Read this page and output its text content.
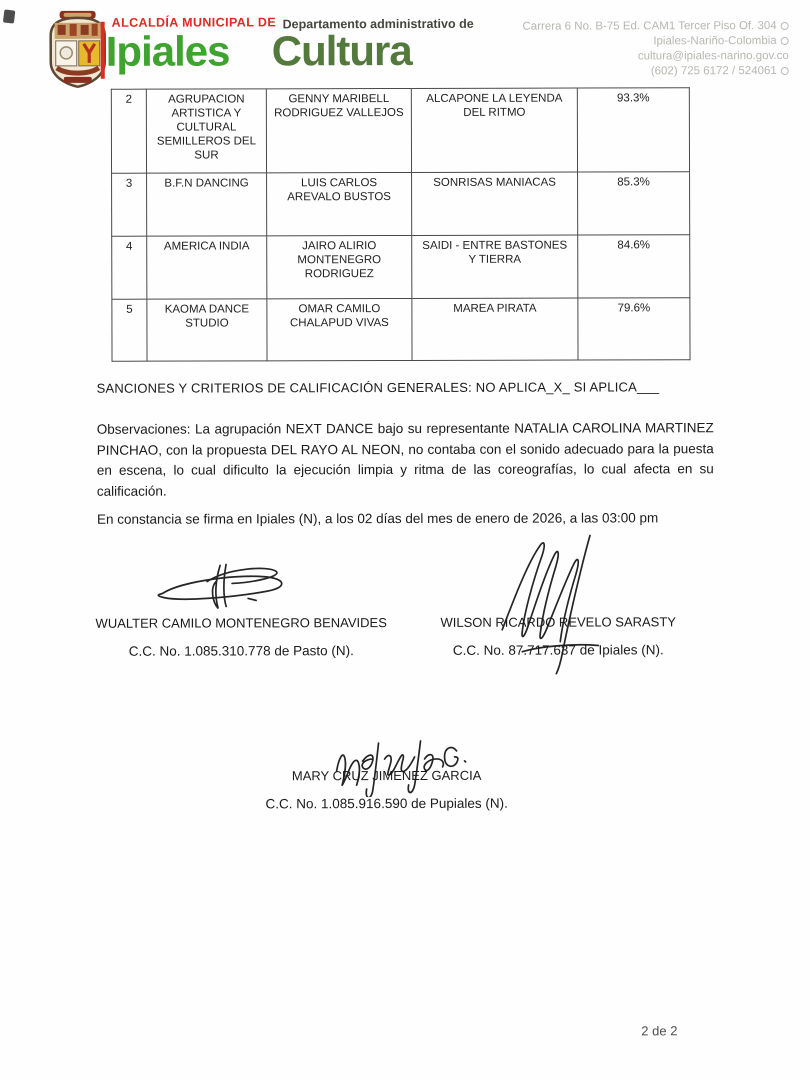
ALCALDÍA MUNICIPAL DE
Ipiales
Departamento administrativo de
Cultura
Carrera 6 No. B-75 Ed. CAM1 Tercer Piso Of. 304
Ipiales-Nariño-Colombia
cultura@ipiales-narino.gov.co
(602) 725 6172 / 524061
2	AGRUPACION ARTISTICA Y CULTURAL SEMILLEROS DEL SUR	GENNY MARIBELL RODRIGUEZ VALLEJOS	ALCAPONE LA LEYENDA DEL RITMO	93.3%
3	B.F.N DANCING	LUIS CARLOS AREVALO BUSTOS	SONRISAS MANIACAS	85.3%
4	AMERICA INDIA	JAIRO ALIRIO MONTENEGRO RODRIGUEZ	SAIDI - ENTRE BASTONES Y TIERRA	84.6%
5	KAOMA DANCE STUDIO	OMAR CAMILO CHALAPUD VIVAS	MAREA PIRATA	79.6%
SANCIONES Y CRITERIOS DE CALIFICACIÓN GENERALES: NO APLICA_X_ SI APLICA___
Observaciones: La agrupación NEXT DANCE bajo su representante NATALIA CAROLINA MARTINEZ PINCHAO, con la propuesta DEL RAYO AL NEON, no contaba con el sonido adecuado para la puesta en escena, lo cual dificulto la ejecución limpia y ritma de las coreografías, lo cual afecta en su calificación.
En constancia se firma en Ipiales (N), a los 02 días del mes de enero de 2026, a las 03:00 pm
WUALTER CAMILO MONTENEGRO BENAVIDES
C.C. No. 1.085.310.778 de Pasto (N).
WILSON RICARDO REVELO SARASTY
C.C. No. 87.717.637 de Ipiales (N).
MARY CRUZ JIMENEZ GARCIA
C.C. No. 1.085.916.590 de Pupiales (N).
2 de 2
